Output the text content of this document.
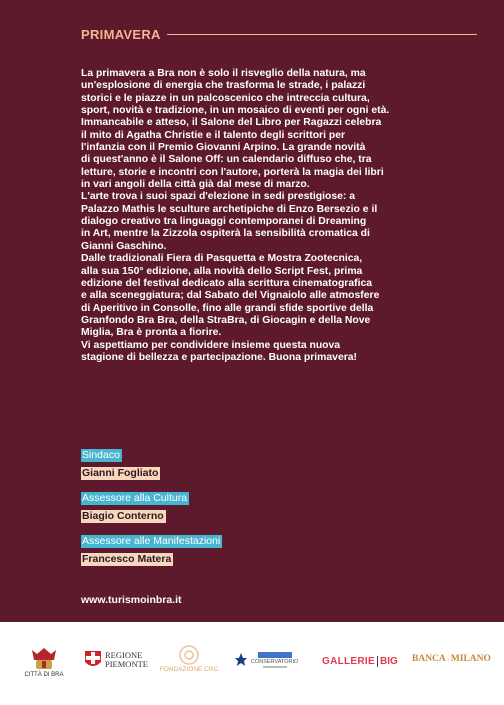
PRIMAVERA

La primavera a Bra non è solo il risveglio della natura, ma

un'esplosione di energia che trasforma le strade, i palazzi

storici e le piazze in un palcoscenico che intreccia cultura,

sport, novità e tradizione, in un mosaico di eventi per ogni età.

Immancabile e atteso, il Salone del Libro per Ragazzi celebra

il mito di Agatha Christie e il talento degli scrittori per

l'infanzia con il Premio Giovanni Arpino. La grande novità

di quest'anno è il Salone Off: un calendario diffuso che, tra

letture, storie e incontri con l'autore, porterà la magia dei libri

in vari angoli della città già dal mese di marzo.

L'arte trova i suoi spazi d'elezione in sedi prestigiose: a

Palazzo Mathis le sculture archetipiche di Enzo Bersezio e il

dialogo creativo tra linguaggi contemporanei di Dreaming

in Art, mentre la Zizzola ospiterà la sensibilità cromatica di

Gianni Gaschino.

Dalle tradizionali Fiera di Pasquetta e Mostra Zootecnica,

alla sua 150° edizione, alla novità dello Script Fest, prima

edizione del festival dedicato alla scrittura cinematografica

e alla sceneggiatura; dal Sabato del Vignaiolo alle atmosfere

di Aperitivo in Consolle, fino alle grandi sfide sportive della

Granfondo Bra Bra, della StraBra, di Giocagin e della Nove

Miglia, Bra è pronta a fiorire.

Vi aspettiamo per condividere insieme questa nuova

stagione di bellezza e partecipazione. Buona primavera!

Sindaco
Gianni Fogliato
Assessore alla Cultura
Biagio Conterno
Assessore alle Manifestazioni
Francesco Matera
www.turismoinbra.it
CITTÀ DI BRA
REGIONE
PIEMONTE
FONDAZIONE CRC
CONSERVATORIO GALLERIE BIG BANCA · MILANO
